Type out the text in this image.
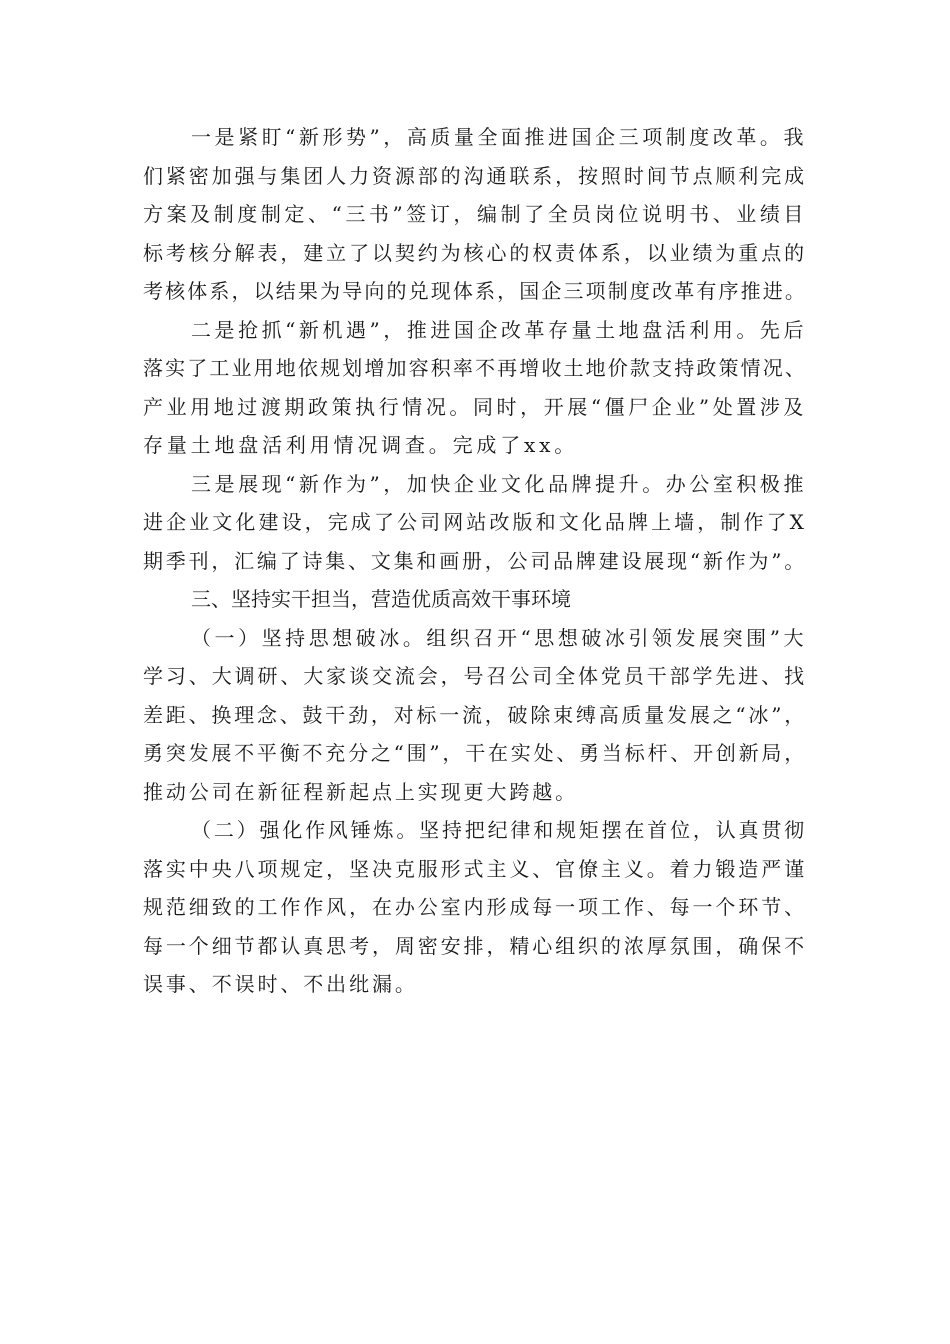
一是紧盯“新形势”，高质量全面推进国企三项制度改革。我
们紧密加强与集团人力资源部的沟通联系，按照时间节点顺利完成
方案及制度制定、“三书”签订，编制了全员岗位说明书、业绩目
标考核分解表，建立了以契约为核心的权责体系，以业绩为重点的
考核体系，以结果为导向的兑现体系，国企三项制度改革有序推进。
二是抢抓“新机遇”，推进国企改革存量土地盘活利用。先后
落实了工业用地依规划增加容积率不再增收土地价款支持政策情况、
产业用地过渡期政策执行情况。同时，开展“僵尸企业”处置涉及
存量土地盘活利用情况调查。完成了xx。
三是展现“新作为”，加快企业文化品牌提升。办公室积极推
进企业文化建设，完成了公司网站改版和文化品牌上墙，制作了X
期季刊，汇编了诗集、文集和画册，公司品牌建设展现“新作为”。
三、坚持实干担当，营造优质高效干事环境
（一）坚持思想破冰。组织召开“思想破冰引领发展突围”大
学习、大调研、大家谈交流会，号召公司全体党员干部学先进、找
差距、换理念、鼓干劲，对标一流，破除束缚高质量发展之“冰”，
勇突发展不平衡不充分之“围”，干在实处、勇当标杆、开创新局，
推动公司在新征程新起点上实现更大跨越。
（二）强化作风锤炼。坚持把纪律和规矩摆在首位，认真贯彻
落实中央八项规定，坚决克服形式主义、官僚主义。着力锻造严谨
规范细致的工作作风，在办公室内形成每一项工作、每一个环节、
每一个细节都认真思考，周密安排，精心组织的浓厚氛围，确保不
误事、不误时、不出纰漏。
